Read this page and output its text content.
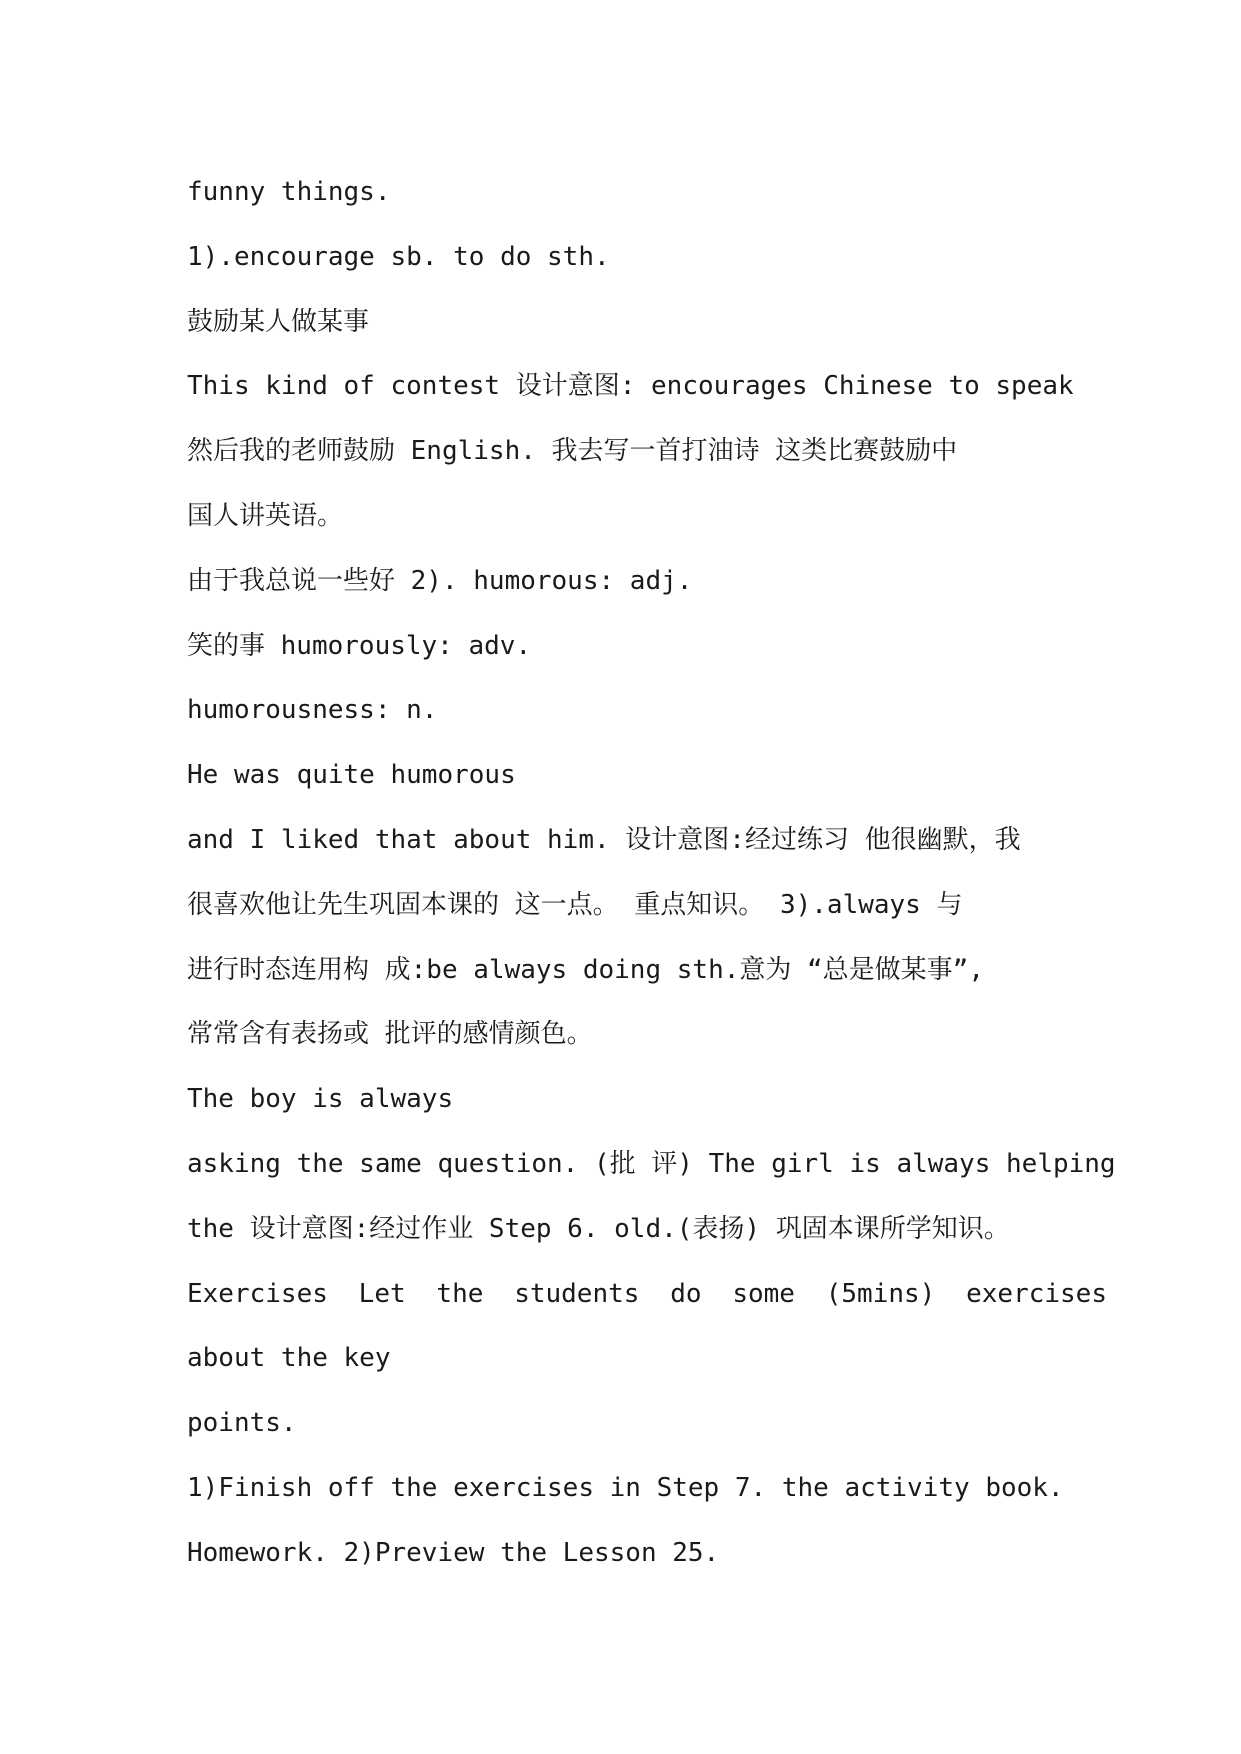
funny things.
1).encourage sb. to do sth.
鼓励某人做某事
This kind of contest 设计意图: encourages Chinese to speak
然后我的老师鼓励 English. 我去写一首打油诗 这类比赛鼓励中
国人讲英语。
由于我总说一些好 2). humorous: adj.
笑的事 humorously: adv.
humorousness: n.
He was quite humorous
and I liked that about him. 设计意图:经过练习 他很幽默，我
很喜欢他让先生巩固本课的 这一点。 重点知识。 3).always 与
进行时态连用构 成:be always doing sth.意为 “总是做某事”,
常常含有表扬或 批评的感情颜色。
The boy is always
asking the same question. (批 评) The girl is always helping
the 设计意图:经过作业 Step 6. old.(表扬) 巩固本课所学知识。
Exercises Let the students do some (5mins) exercises
about the key
points.
1)Finish off the exercises in Step 7. the activity book.
Homework. 2)Preview the Lesson 25.
